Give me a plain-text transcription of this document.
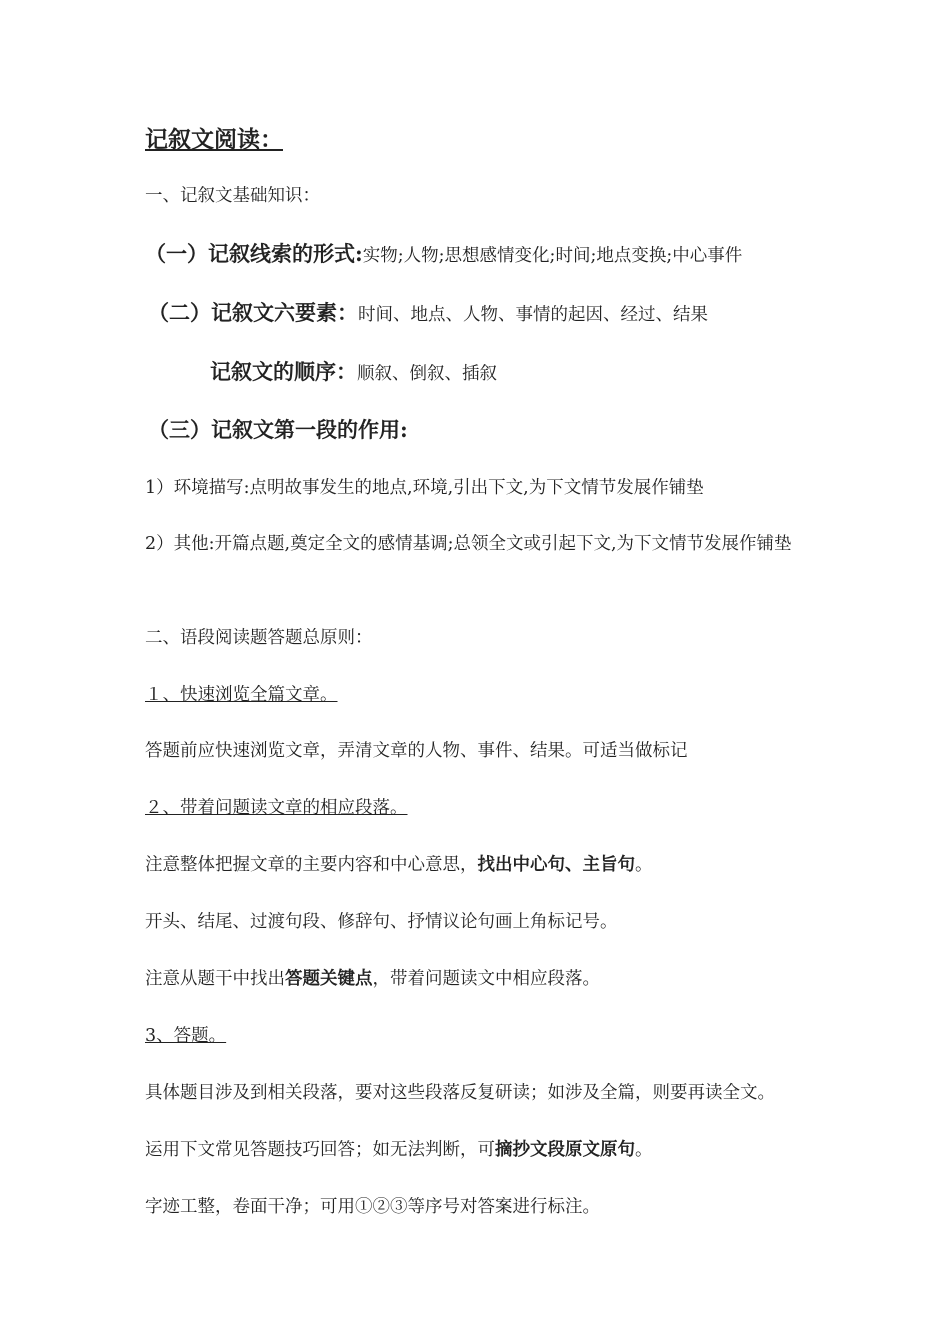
记叙文阅读：
一、记叙文基础知识：
（一）记叙线索的形式:实物;人物;思想感情变化;时间;地点变换;中心事件
（二）记叙文六要素：时间、地点、人物、事情的起因、经过、结果
记叙文的顺序：顺叙、倒叙、插叙
（三）记叙文第一段的作用:
1）环境描写:点明故事发生的地点,环境,引出下文,为下文情节发展作铺垫
2）其他:开篇点题,奠定全文的感情基调;总领全文或引起下文,为下文情节发展作铺垫
二、语段阅读题答题总原则：
１、快速浏览全篇文章。
答题前应快速浏览文章，弄清文章的人物、事件、结果。可适当做标记
２、带着问题读文章的相应段落。
注意整体把握文章的主要内容和中心意思，找出中心句、主旨句。
开头、结尾、过渡句段、修辞句、抒情议论句画上角标记号。
注意从题干中找出答题关键点，带着问题读文中相应段落。
3、答题。
具体题目涉及到相关段落，要对这些段落反复研读；如涉及全篇，则要再读全文。
运用下文常见答题技巧回答；如无法判断，可摘抄文段原文原句。
字迹工整，卷面干净；可用①②③等序号对答案进行标注。
